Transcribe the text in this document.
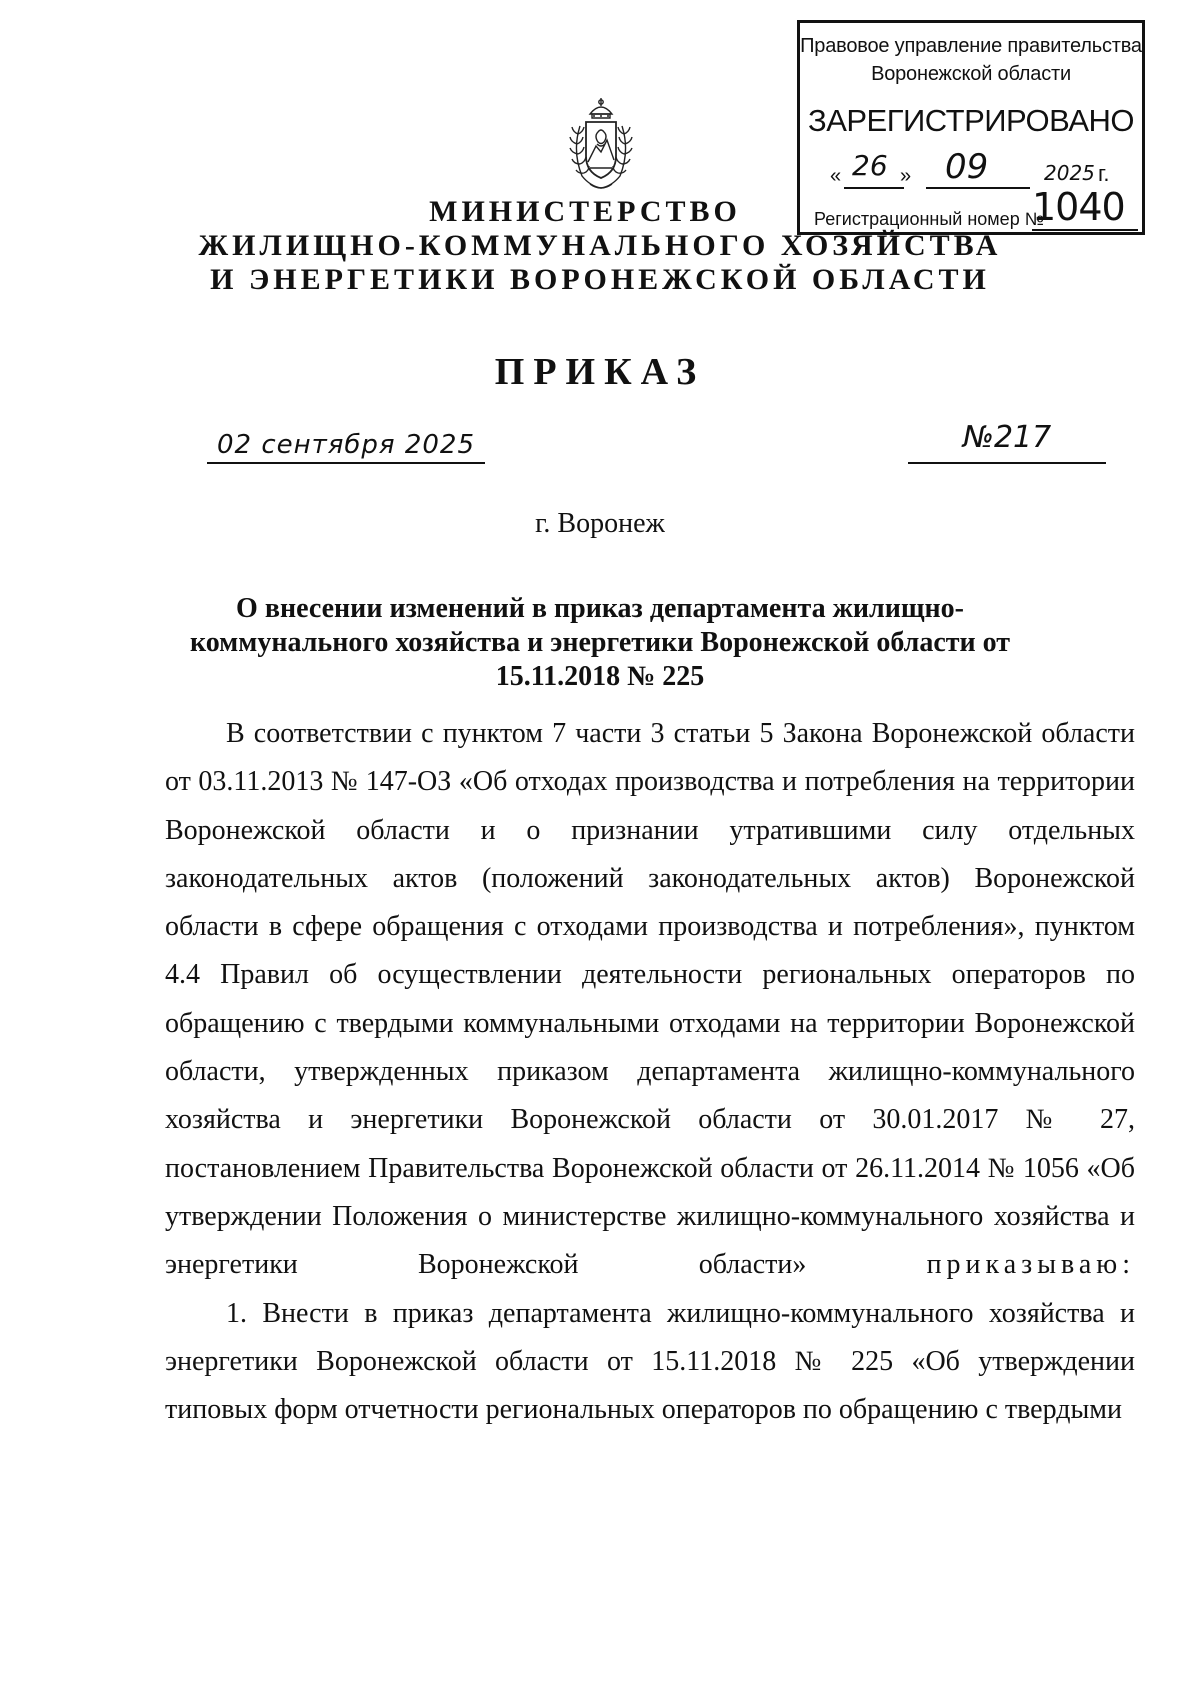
Правовое управление правительства
Воронежской области
ЗАРЕГИСТРИРОВАНО
« 26 » 09	2025 г.
Регистрационный номер №
1040
МИНИСТЕРСТВО
ЖИЛИЩНО-КОММУНАЛЬНОГО ХОЗЯЙСТВА
И ЭНЕРГЕТИКИ ВОРОНЕЖСКОЙ ОБЛАСТИ
ПРИКАЗ
02 сентября 2025	№217
г. Воронеж
О внесении изменений в приказ департамента жилищно-коммунального хозяйства и энергетики Воронежской области от 15.11.2018 № 225

В соответствии с пунктом 7 части 3 статьи 5 Закона Воронежской области от 03.11.2013 № 147-ОЗ «Об отходах производства и потребления на территории Воронежской области и о признании утратившими силу отдельных законодательных актов (положений законодательных актов) Воронежской области в сфере обращения с отходами производства и потребления», пунктом 4.4 Правил об осуществлении деятельности региональных операторов по обращению с твердыми коммунальными отходами на территории Воронежской области, утвержденных приказом департамента жилищно-коммунального хозяйства и энергетики Воронежской области от 30.01.2017 № 27, постановлением Правительства Воронежской области от 26.11.2014 № 1056 «Об утверждении Положения о министерстве жилищно-коммунального хозяйства и энергетики Воронежской области»	приказываю:

1. Внести в приказ департамента жилищно-коммунального хозяйства и энергетики Воронежской области от 15.11.2018 № 225 «Об утверждении типовых форм отчетности региональных операторов по обращению с твердыми
